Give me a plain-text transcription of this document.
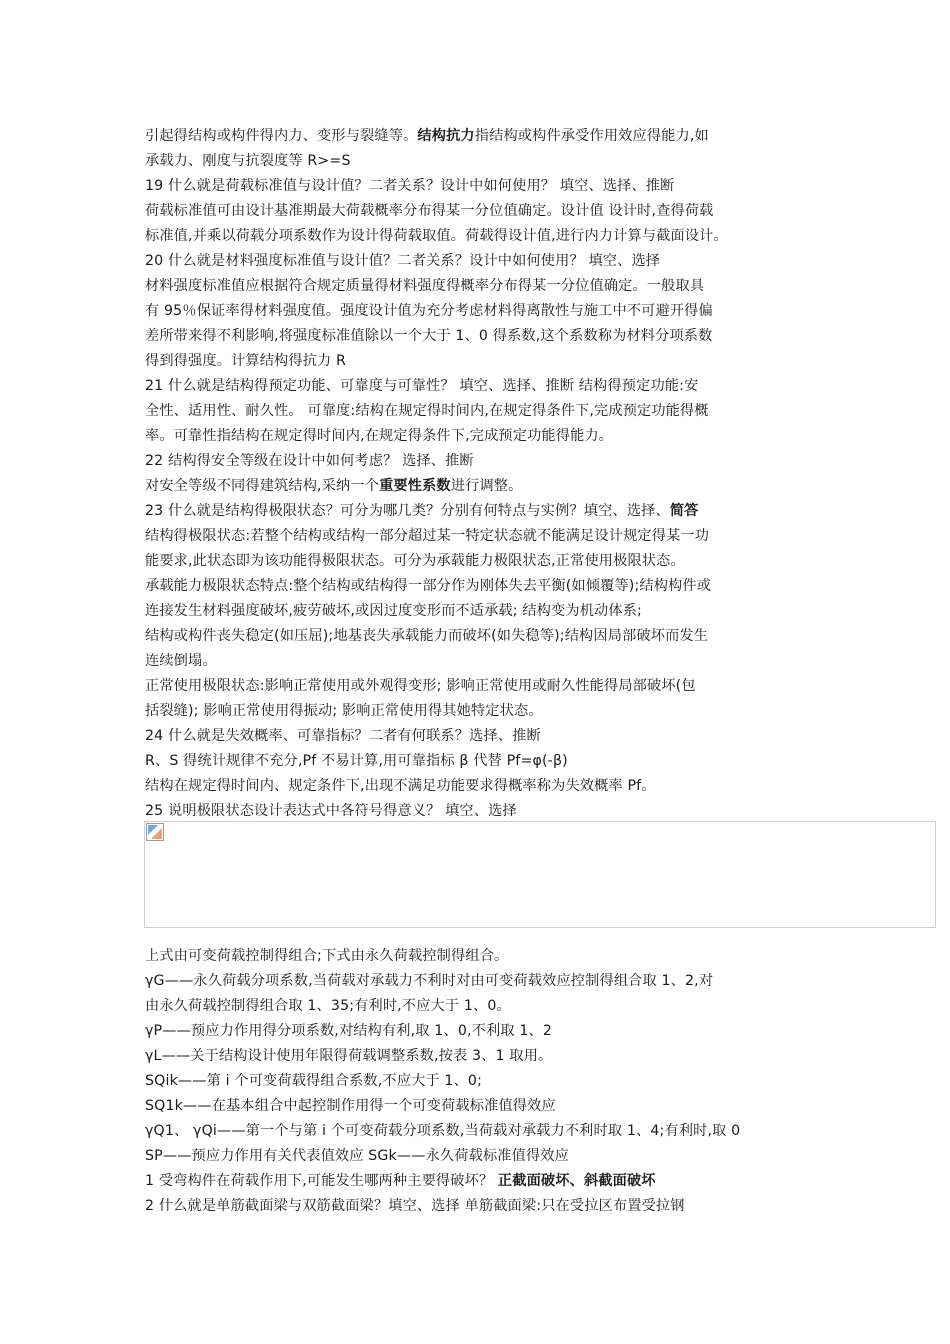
引起得结构或构件得内力、变形与裂缝等。结构抗力指结构或构件承受作用效应得能力,如
承载力、刚度与抗裂度等 R>=S
19 什么就是荷载标准值与设计值？二者关系？设计中如何使用？ 填空、选择、推断
荷载标准值可由设计基准期最大荷载概率分布得某一分位值确定。设计值 设计时,查得荷载
标准值,并乘以荷载分项系数作为设计得荷载取值。荷载得设计值,进行内力计算与截面设计。
20 什么就是材料强度标准值与设计值？二者关系？设计中如何使用？ 填空、选择
材料强度标准值应根据符合规定质量得材料强度得概率分布得某一分位值确定。一般取具
有 95％保证率得材料强度值。强度设计值为充分考虑材料得离散性与施工中不可避开得偏
差所带来得不利影响,将强度标准值除以一个大于 1、0 得系数,这个系数称为材料分项系数
得到得强度。计算结构得抗力 R
21 什么就是结构得预定功能、可靠度与可靠性？ 填空、选择、推断 结构得预定功能:安
全性、适用性、耐久性。 可靠度:结构在规定得时间内,在规定得条件下,完成预定功能得概
率。可靠性指结构在规定得时间内,在规定得条件下,完成预定功能得能力。
22 结构得安全等级在设计中如何考虑？ 选择、推断
对安全等级不同得建筑结构,采纳一个重要性系数进行调整。
23 什么就是结构得极限状态？可分为哪几类？分别有何特点与实例？填空、选择、简答
结构得极限状态:若整个结构或结构一部分超过某一特定状态就不能满足设计规定得某一功
能要求,此状态即为该功能得极限状态。可分为承载能力极限状态,正常使用极限状态。
承载能力极限状态特点:整个结构或结构得一部分作为刚体失去平衡(如倾覆等);结构构件或
连接发生材料强度破坏,疲劳破坏,或因过度变形而不适承载; 结构变为机动体系;
结构或构件丧失稳定(如压屈);地基丧失承载能力而破坏(如失稳等);结构因局部破坏而发生
连续倒塌。
正常使用极限状态:影响正常使用或外观得变形; 影响正常使用或耐久性能得局部破坏(包
括裂缝); 影响正常使用得振动; 影响正常使用得其她特定状态。
24 什么就是失效概率、可靠指标？二者有何联系？选择、推断
R、S 得统计规律不充分,Pf 不易计算,用可靠指标 β 代替 Pf=φ(-β)
结构在规定得时间内、规定条件下,出现不满足功能要求得概率称为失效概率 Pf。
25 说明极限状态设计表达式中各符号得意义？ 填空、选择
上式由可变荷载控制得组合;下式由永久荷载控制得组合。
γG——永久荷载分项系数,当荷载对承载力不利时对由可变荷载效应控制得组合取 1、2,对
由永久荷载控制得组合取 1、35;有利时,不应大于 1、0。
γP——预应力作用得分项系数,对结构有利,取 1、0,不利取 1、2
γL——关于结构设计使用年限得荷载调整系数,按表 3、1 取用。
SQik——第 i 个可变荷载得组合系数,不应大于 1、0;
SQ1k——在基本组合中起控制作用得一个可变荷载标准值得效应
γQ1、 γQi——第一个与第 i 个可变荷载分项系数,当荷载对承载力不利时取 1、4;有利时,取 0
SP——预应力作用有关代表值效应 SGk——永久荷载标准值得效应
1 受弯构件在荷载作用下,可能发生哪两种主要得破坏？ 正截面破坏、斜截面破坏
2 什么就是单筋截面梁与双筋截面梁？填空、选择 单筋截面梁:只在受拉区布置受拉钢
